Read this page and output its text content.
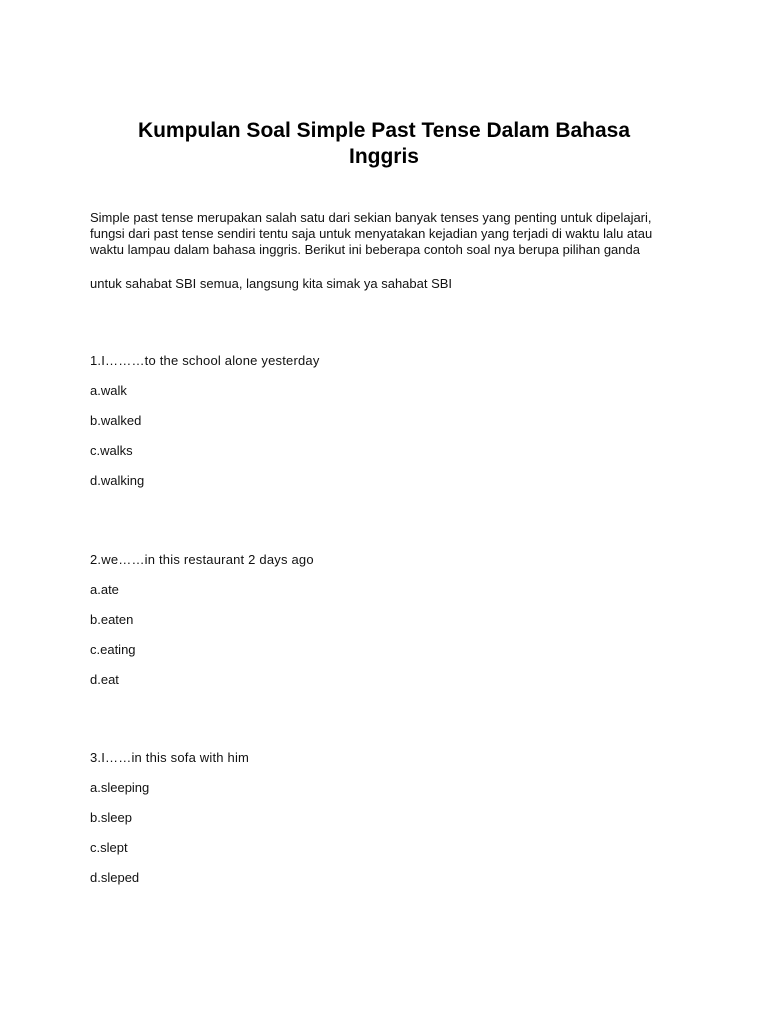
Kumpulan Soal Simple Past Tense Dalam Bahasa
Inggris
Simple past tense merupakan salah satu dari sekian banyak tenses yang penting untuk dipelajari,
fungsi dari past tense sendiri tentu saja untuk menyatakan kejadian yang terjadi di waktu lalu atau
waktu lampau dalam bahasa inggris. Berikut ini beberapa contoh soal nya berupa pilihan ganda
untuk sahabat SBI semua, langsung kita simak ya sahabat SBI
1.I………to the school alone yesterday
a.walk
b.walked
c.walks
d.walking
2.we……in this restaurant 2 days ago
a.ate
b.eaten
c.eating
d.eat
3.I……in this sofa with him
a.sleeping
b.sleep
c.slept
d.sleped
